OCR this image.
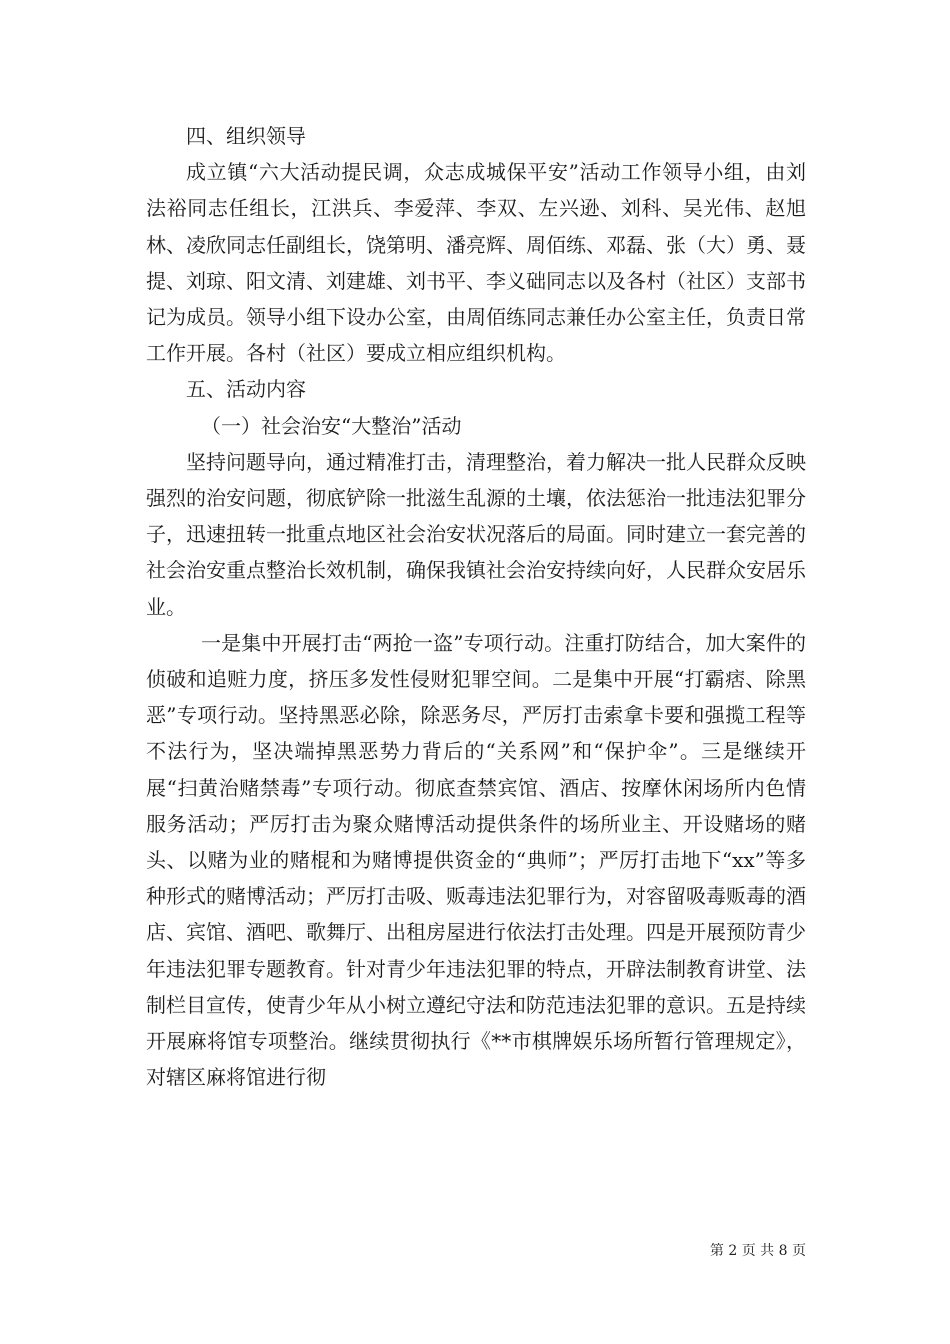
四、组织领导

成立镇“六大活动提民调，众志成城保平安”活动工作领导小组，由刘法裕同志任组长，江洪兵、李爱萍、李双、左兴逊、刘科、吴光伟、赵旭林、凌欣同志任副组长，饶第明、潘亮辉、周佰练、邓磊、张（大）勇、聂提、刘琼、阳文清、刘建雄、刘书平、李义础同志以及各村（社区）支部书记为成员。领导小组下设办公室，由周佰练同志兼任办公室主任，负责日常工作开展。各村（社区）要成立相应组织机构。

五、活动内容

（一）社会治安“大整治”活动

坚持问题导向，通过精准打击，清理整治，着力解决一批人民群众反映强烈的治安问题，彻底铲除一批滋生乱源的土壤，依法惩治一批违法犯罪分子，迅速扭转一批重点地区社会治安状况落后的局面。同时建立一套完善的社会治安重点整治长效机制，确保我镇社会治安持续向好，人民群众安居乐业。

一是集中开展打击“两抢一盗”专项行动。注重打防结合，加大案件的侦破和追赃力度，挤压多发性侵财犯罪空间。二是集中开展“打霸痞、除黑恶”专项行动。坚持黑恶必除，除恶务尽，严厉打击索拿卡要和强揽工程等不法行为，坚决端掉黑恶势力背后的“关系网”和“保护伞”。三是继续开展“扫黄治赌禁毒”专项行动。彻底查禁宾馆、酒店、按摩休闲场所内色情服务活动；严厉打击为聚众赌博活动提供条件的场所业主、开设赌场的赌头、以赌为业的赌棍和为赌博提供资金的“典师”；严厉打击地下“xx”等多种形式的赌博活动；严厉打击吸、贩毒违法犯罪行为，对容留吸毒贩毒的酒店、宾馆、酒吧、歌舞厅、出租房屋进行依法打击处理。四是开展预防青少年违法犯罪专题教育。针对青少年违法犯罪的特点，开辟法制教育讲堂、法制栏目宣传，使青少年从小树立遵纪守法和防范违法犯罪的意识。五是持续开展麻将馆专项整治。继续贯彻执行《**市棋牌娱乐场所暂行管理规定》，对辖区麻将馆进行彻

第 2 页 共 8 页
